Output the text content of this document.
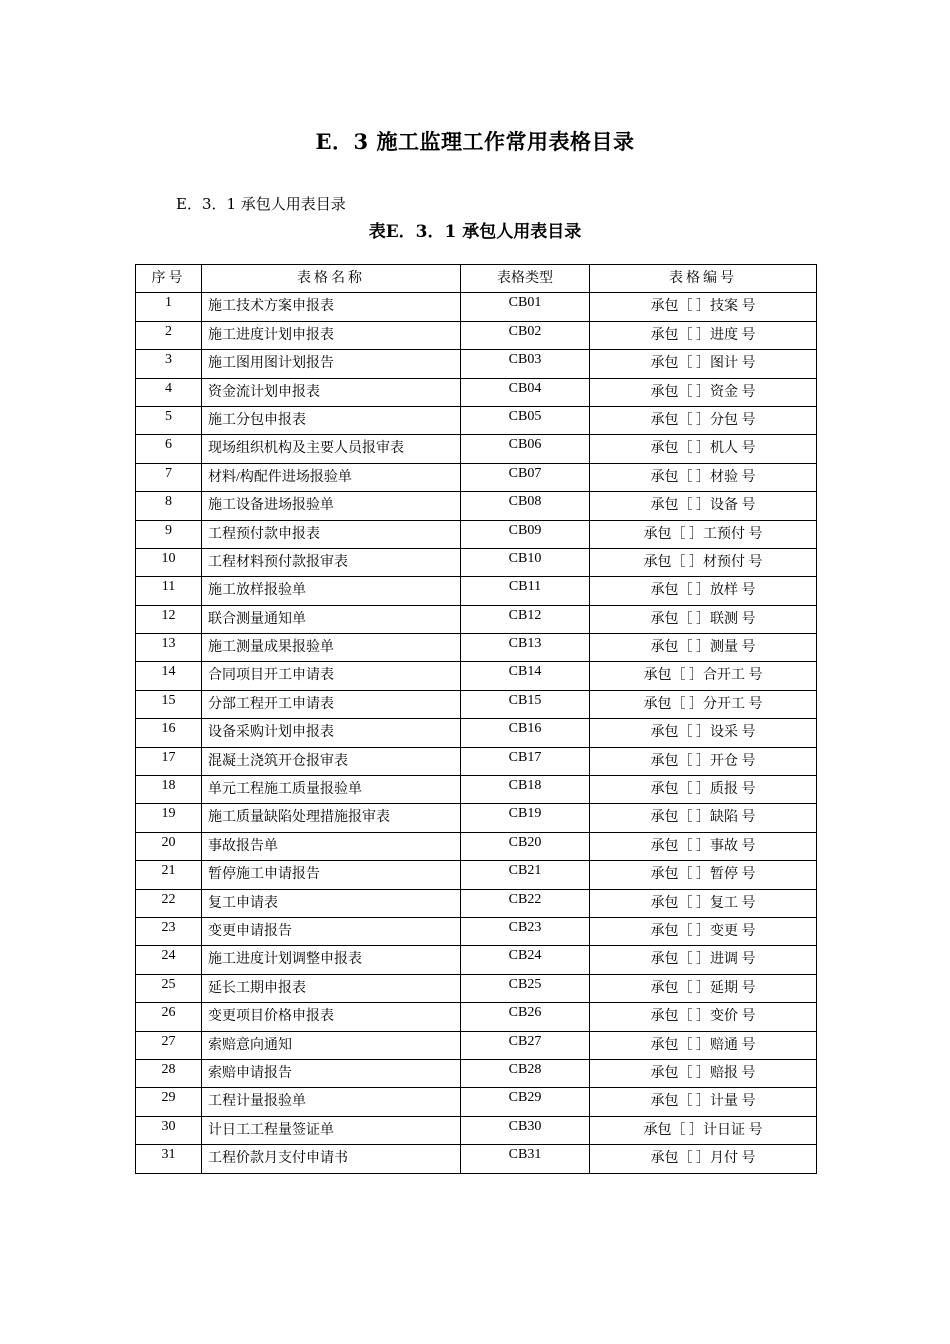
E．3 施工监理工作常用表格目录
E．3．1 承包人用表目录
表E．3．1 承包人用表目录
序号	表格名称	表格类型	表格编号
1	施工技术方案申报表	CB01	承包［ ］技案 号
2	施工进度计划申报表	CB02	承包［ ］进度 号
3	施工图用图计划报告	CB03	承包［ ］图计 号
4	资金流计划申报表	CB04	承包［ ］资金 号
5	施工分包申报表	CB05	承包［ ］分包 号
6	现场组织机构及主要人员报审表	CB06	承包［ ］机人 号
7	材料/构配件进场报验单	CB07	承包［ ］材验 号
8	施工设备进场报验单	CB08	承包［ ］设备 号
9	工程预付款申报表	CB09	承包［ ］工预付 号
10	工程材料预付款报审表	CB10	承包［ ］材预付 号
11	施工放样报验单	CB11	承包［ ］放样 号
12	联合测量通知单	CB12	承包［ ］联测 号
13	施工测量成果报验单	CB13	承包［ ］测量 号
14	合同项目开工申请表	CB14	承包［ ］合开工 号
15	分部工程开工申请表	CB15	承包［ ］分开工 号
16	设备采购计划申报表	CB16	承包［ ］设采 号
17	混凝土浇筑开仓报审表	CB17	承包［ ］开仓 号
18	单元工程施工质量报验单	CB18	承包［ ］质报 号
19	施工质量缺陷处理措施报审表	CB19	承包［ ］缺陷 号
20	事故报告单	CB20	承包［ ］事故 号
21	暂停施工申请报告	CB21	承包［ ］暂停 号
22	复工申请表	CB22	承包［ ］复工 号
23	变更申请报告	CB23	承包［ ］变更 号
24	施工进度计划调整申报表	CB24	承包［ ］进调 号
25	延长工期申报表	CB25	承包［ ］延期 号
26	变更项目价格申报表	CB26	承包［ ］变价 号
27	索赔意向通知	CB27	承包［ ］赔通 号
28	索赔申请报告	CB28	承包［ ］赔报 号
29	工程计量报验单	CB29	承包［ ］计量 号
30	计日工工程量签证单	CB30	承包［ ］计日证 号
31	工程价款月支付申请书	CB31	承包［ ］月付 号
